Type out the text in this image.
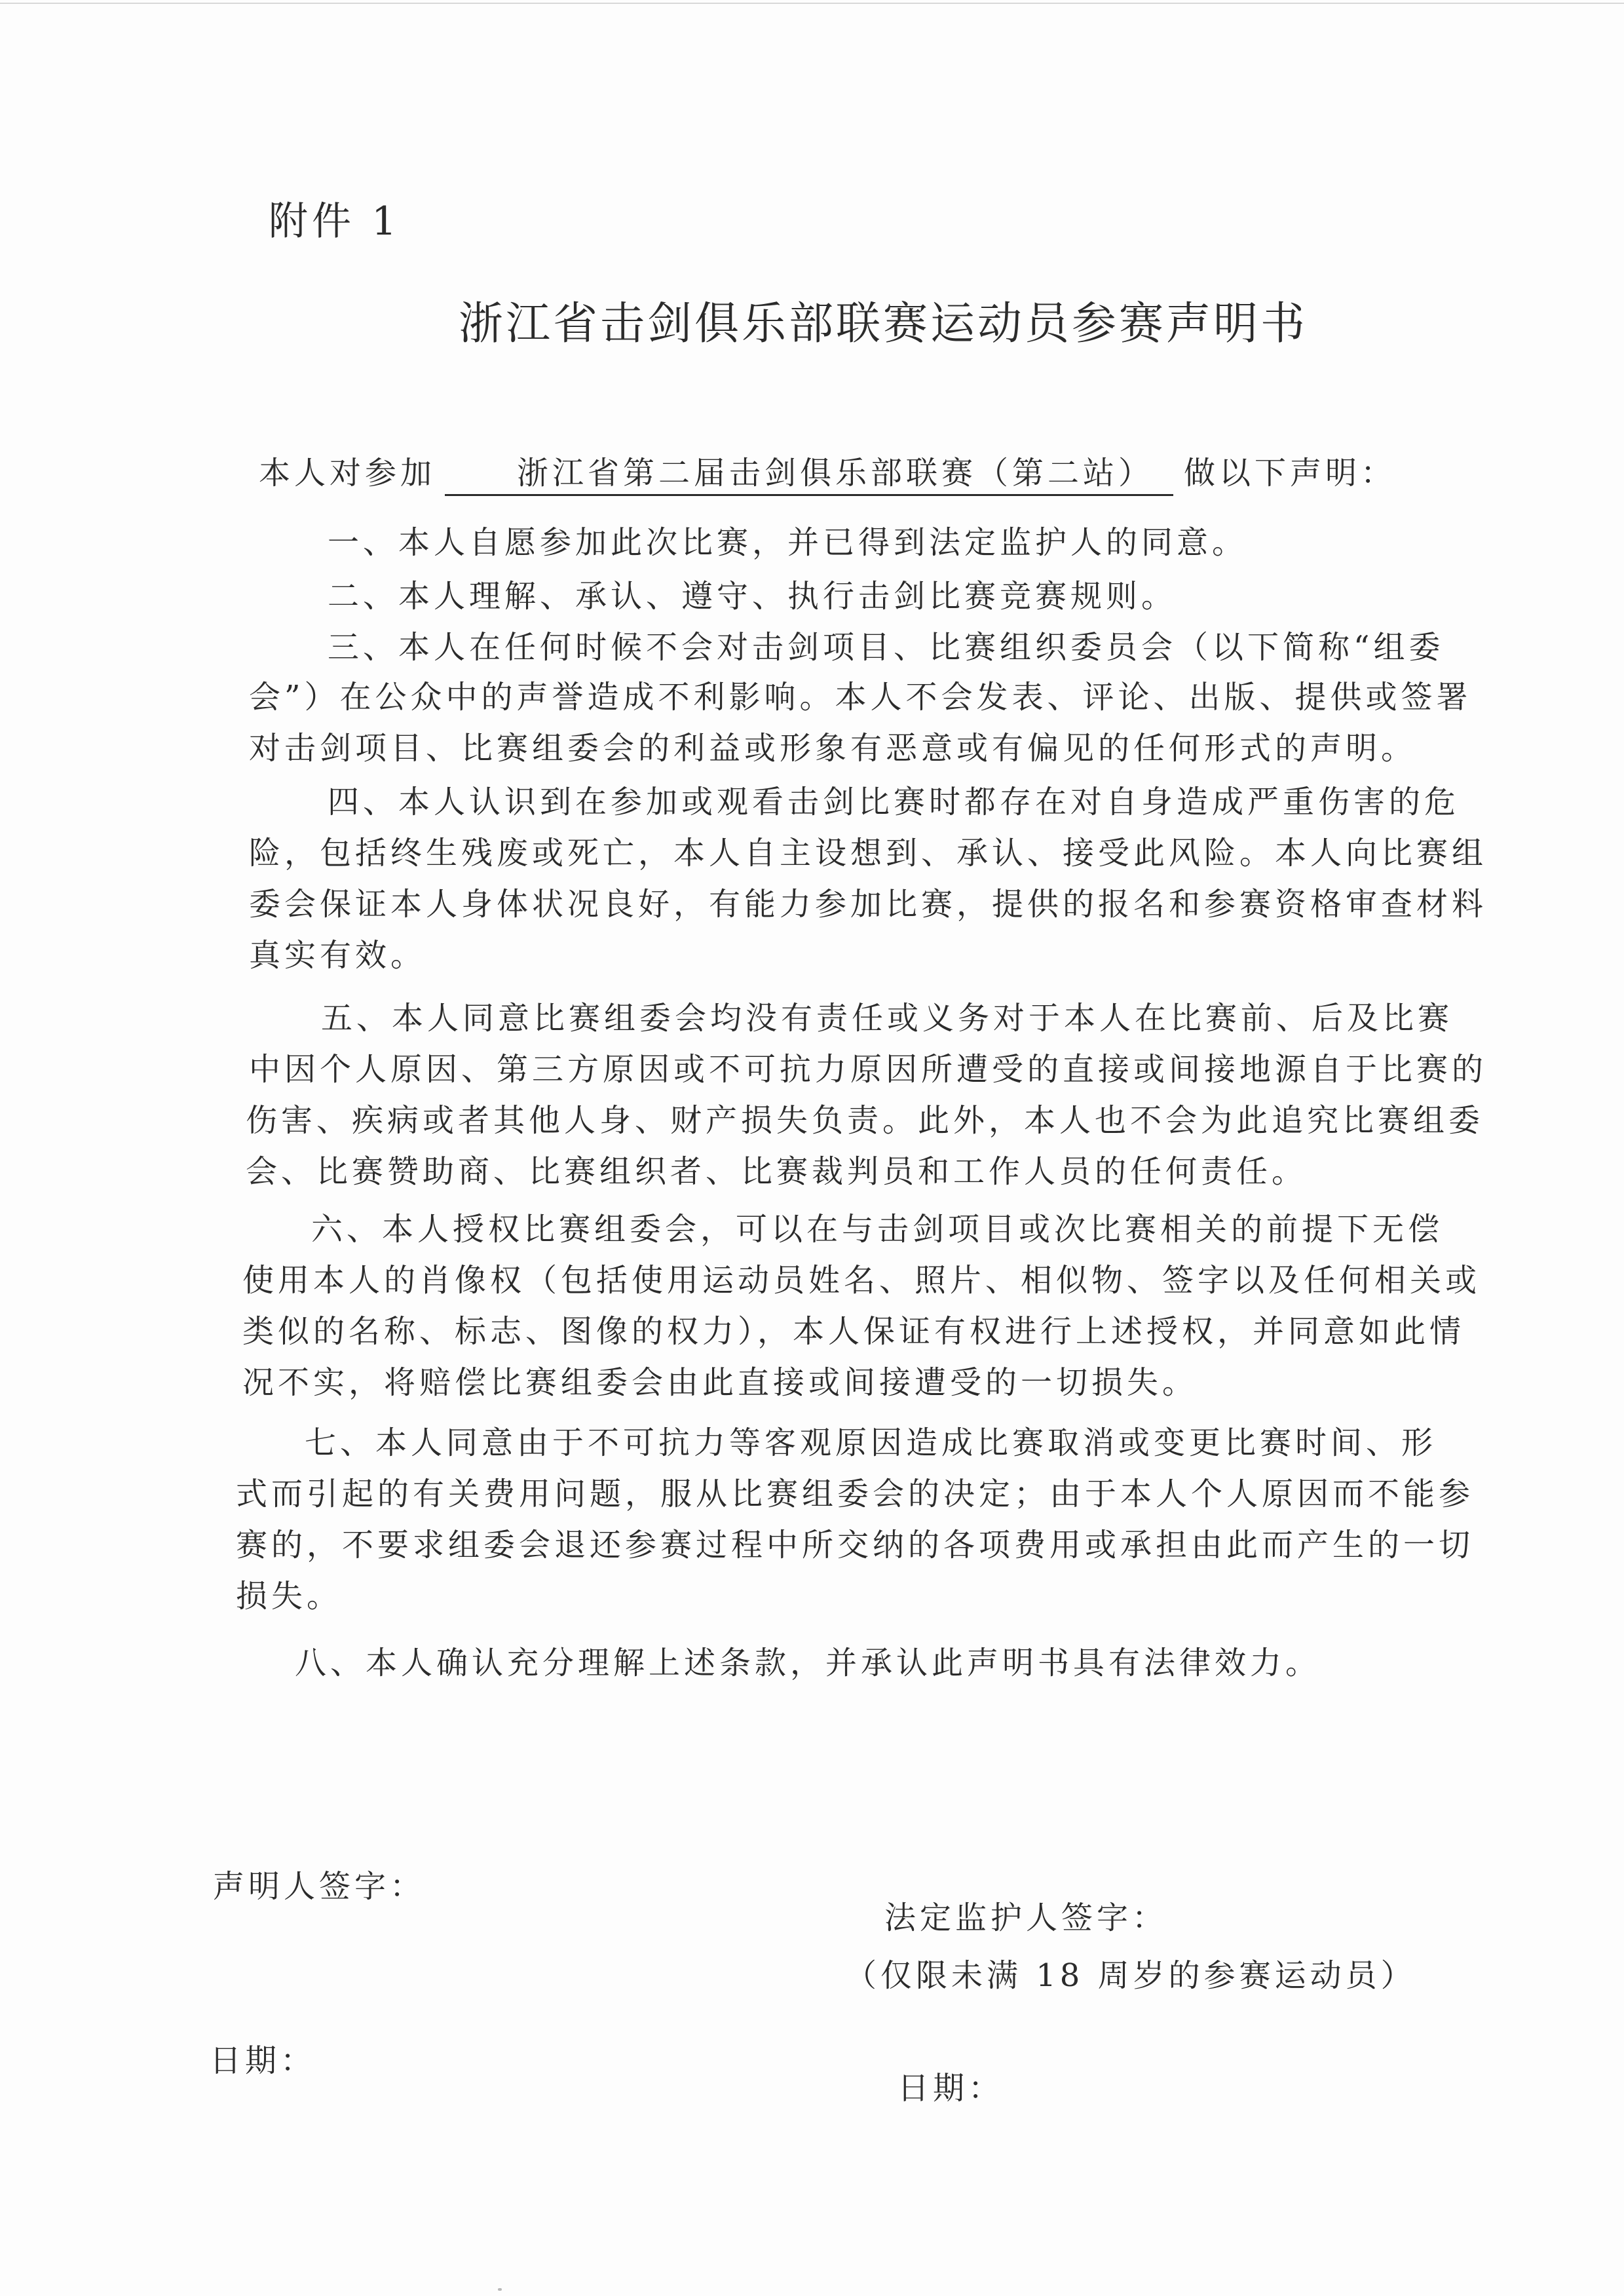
附件 1
浙江省击剑俱乐部联赛运动员参赛声明书
本人对参加	浙江省第二届击剑俱乐部联赛（第二站） 做以下声明：
一、本人自愿参加此次比赛，并已得到法定监护人的同意。
二、本人理解、承认、遵守、执行击剑比赛竞赛规则。
三、本人在任何时候不会对击剑项目、比赛组织委员会（以下简称“组委
会”）在公众中的声誉造成不利影响。本人不会发表、评论、出版、提供或签署
对击剑项目、比赛组委会的利益或形象有恶意或有偏见的任何形式的声明。
四、本人认识到在参加或观看击剑比赛时都存在对自身造成严重伤害的危
险，包括终生残废或死亡，本人自主设想到、承认、接受此风险。本人向比赛组
委会保证本人身体状况良好，有能力参加比赛，提供的报名和参赛资格审查材料
真实有效。
五、本人同意比赛组委会均没有责任或义务对于本人在比赛前、后及比赛
中因个人原因、第三方原因或不可抗力原因所遭受的直接或间接地源自于比赛的
伤害、疾病或者其他人身、财产损失负责。此外，本人也不会为此追究比赛组委
会、比赛赞助商、比赛组织者、比赛裁判员和工作人员的任何责任。
六、本人授权比赛组委会，可以在与击剑项目或次比赛相关的前提下无偿
使用本人的肖像权（包括使用运动员姓名、照片、相似物、签字以及任何相关或
类似的名称、标志、图像的权力），本人保证有权进行上述授权，并同意如此情
况不实，将赔偿比赛组委会由此直接或间接遭受的一切损失。
七、本人同意由于不可抗力等客观原因造成比赛取消或变更比赛时间、形
式而引起的有关费用问题，服从比赛组委会的决定；由于本人个人原因而不能参
赛的，不要求组委会退还参赛过程中所交纳的各项费用或承担由此而产生的一切
损失。
八、本人确认充分理解上述条款，并承认此声明书具有法律效力。
声明人签字：
法定监护人签字：
（仅限未满 18 周岁的参赛运动员）
日期：
日期：
